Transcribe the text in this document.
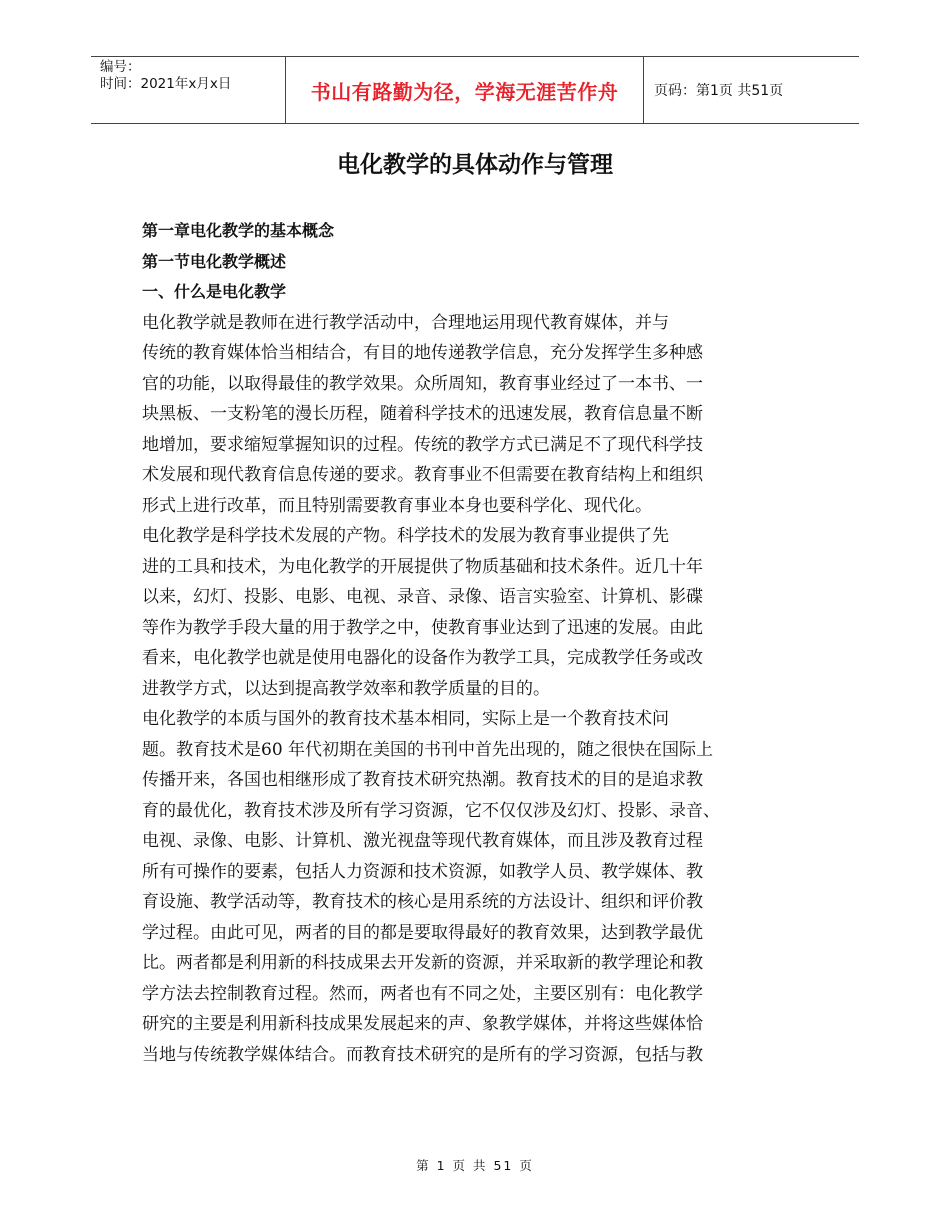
编号：
时间：2021年x月x日	书山有路勤为径，学海无涯苦作舟	页码：第1页 共51页
电化教学的具体动作与管理
第一章电化教学的基本概念
第一节电化教学概述
一、什么是电化教学
电化教学就是教师在进行教学活动中，合理地运用现代教育媒体，并与
传统的教育媒体恰当相结合，有目的地传递教学信息，充分发挥学生多种感
官的功能，以取得最佳的教学效果。众所周知，教育事业经过了一本书、一
块黑板、一支粉笔的漫长历程，随着科学技术的迅速发展，教育信息量不断
地增加，要求缩短掌握知识的过程。传统的教学方式已满足不了现代科学技
术发展和现代教育信息传递的要求。教育事业不但需要在教育结构上和组织
形式上进行改革，而且特别需要教育事业本身也要科学化、现代化。
电化教学是科学技术发展的产物。科学技术的发展为教育事业提供了先
进的工具和技术，为电化教学的开展提供了物质基础和技术条件。近几十年
以来，幻灯、投影、电影、电视、录音、录像、语言实验室、计算机、影碟
等作为教学手段大量的用于教学之中，使教育事业达到了迅速的发展。由此
看来，电化教学也就是使用电器化的设备作为教学工具，完成教学任务或改
进教学方式，以达到提高教学效率和教学质量的目的。
电化教学的本质与国外的教育技术基本相同，实际上是一个教育技术问
题。教育技术是60 年代初期在美国的书刊中首先出现的，随之很快在国际上
传播开来，各国也相继形成了教育技术研究热潮。教育技术的目的是追求教
育的最优化，教育技术涉及所有学习资源，它不仅仅涉及幻灯、投影、录音、
电视、录像、电影、计算机、激光视盘等现代教育媒体，而且涉及教育过程
所有可操作的要素，包括人力资源和技术资源，如教学人员、教学媒体、教
育设施、教学活动等，教育技术的核心是用系统的方法设计、组织和评价教
学过程。由此可见，两者的目的都是要取得最好的教育效果，达到教学最优
比。两者都是利用新的科技成果去开发新的资源，并采取新的教学理论和教
学方法去控制教育过程。然而，两者也有不同之处，主要区别有：电化教学
研究的主要是利用新科技成果发展起来的声、象教学媒体，并将这些媒体恰
当地与传统教学媒体结合。而教育技术研究的是所有的学习资源，包括与教
第 1 页 共 51 页
